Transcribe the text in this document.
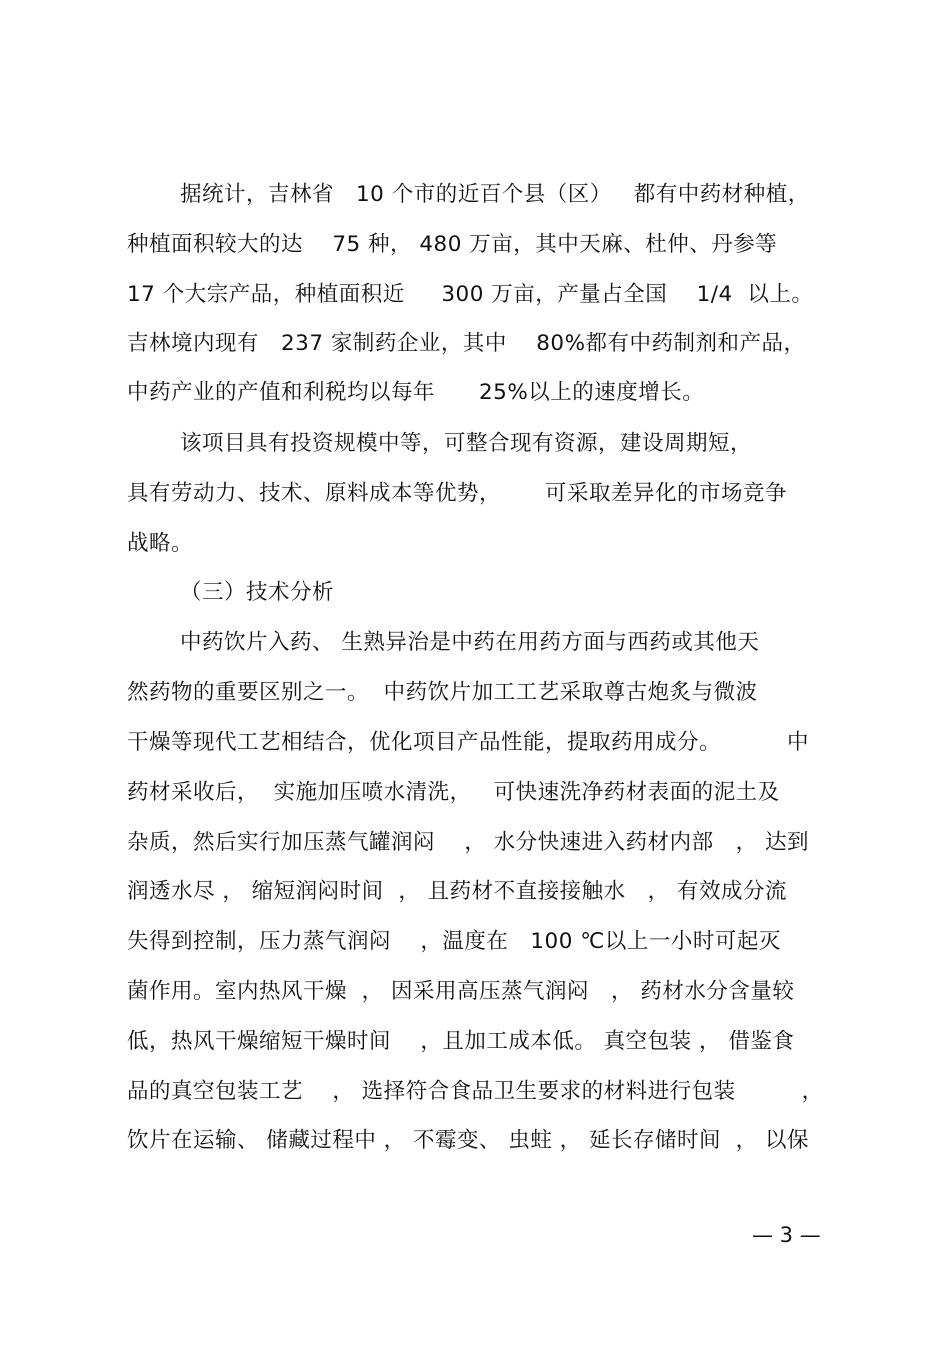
据统计，吉林省   10 个市的近百个县（区）   都有中药材种植，
种植面积较大的达    75 种， 480 万亩，其中天麻、杜仲、丹参等
17 个大宗产品，种植面积近     300 万亩，产量占全国    1/4  以上。
吉林境内现有   237 家制药企业，其中    80%都有中药制剂和产品，
中药产业的产值和利税均以每年      25%以上的速度增长。
该项目具有投资规模中等，可整合现有资源，建设周期短，
具有劳动力、技术、原料成本等优势，      可采取差异化的市场竞争
战略。
（三）技术分析
中药饮片入药、 生熟异治是中药在用药方面与西药或其他天
然药物的重要区别之一。  中药饮片加工工艺采取尊古炮炙与微波
干燥等现代工艺相结合，优化项目产品性能，提取药用成分。         中
药材采收后，  实施加压喷水清洗，   可快速洗净药材表面的泥土及
杂质，然后实行加压蒸气罐润闷    ， 水分快速进入药材内部   ， 达到
润透水尽 ， 缩短润闷时间  ， 且药材不直接接触水   ， 有效成分流
失得到控制，压力蒸气润闷    ，温度在   100 ℃以上一小时可起灭
菌作用。室内热风干燥  ， 因采用高压蒸气润闷   ， 药材水分含量较
低，热风干燥缩短干燥时间    ，且加工成本低。 真空包装 ， 借鉴食
品的真空包装工艺    ， 选择符合食品卫生要求的材料进行包装         ，
饮片在运输、 储藏过程中 ， 不霉变、 虫蛀 ， 延长存储时间  ， 以保
— 3 —
